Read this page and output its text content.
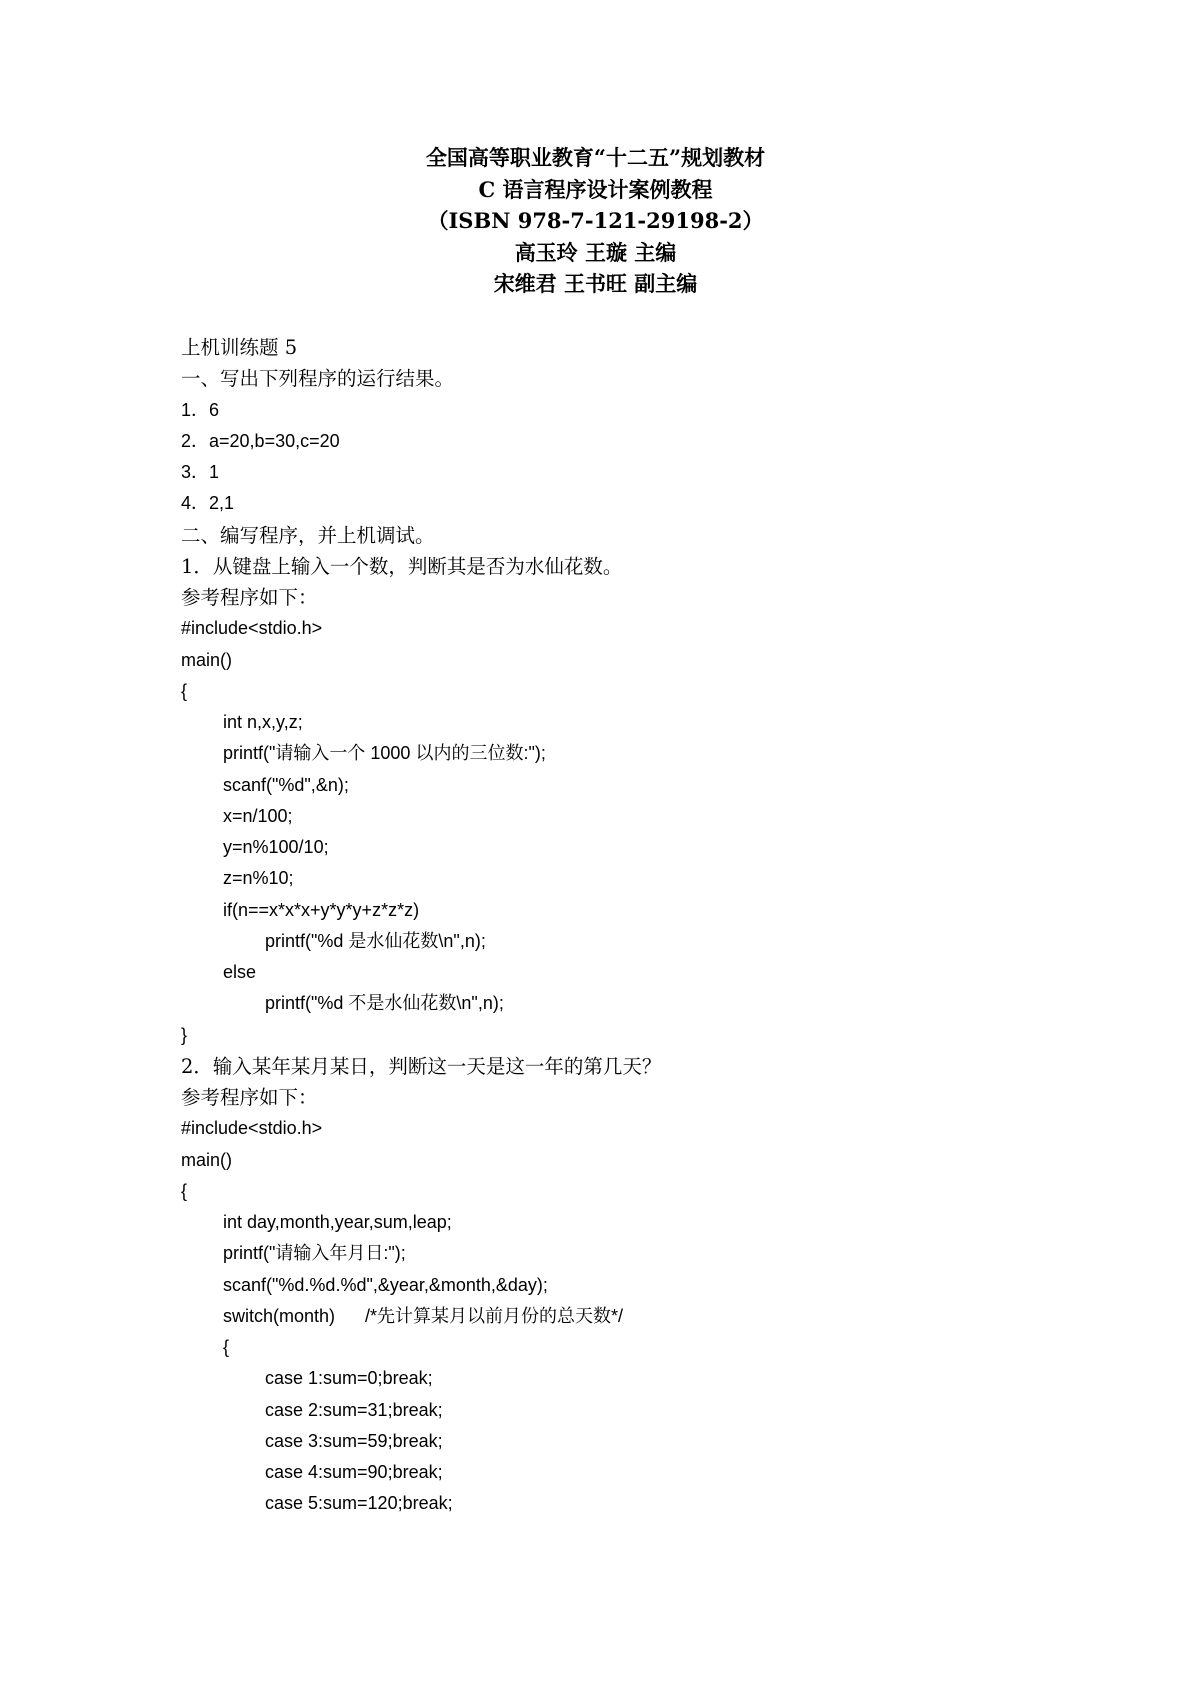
全国高等职业教育“十二五”规划教材
C 语言程序设计案例教程
（ISBN 978-7-121-29198-2）
高玉玲 王璇 主编
宋维君 王书旺 副主编
上机训练题 5
一、写出下列程序的运行结果。
1．6
2．a=20,b=30,c=20
3．1
4．2,1
二、编写程序，并上机调试。
1．从键盘上输入一个数，判断其是否为水仙花数。
参考程序如下：
#include<stdio.h>
main()
{
int n,x,y,z;
printf("请输入一个 1000 以内的三位数:");
scanf("%d",&n);
x=n/100;
y=n%100/10;
z=n%10;
if(n==x*x*x+y*y*y+z*z*z)
printf("%d 是水仙花数\n",n);
else
printf("%d 不是水仙花数\n",n);
}
2．输入某年某月某日，判断这一天是这一年的第几天？
参考程序如下：
#include<stdio.h>
main()
{
int day,month,year,sum,leap;
printf("请输入年月日:");
scanf("%d.%d.%d",&year,&month,&day);
switch(month) /*先计算某月以前月份的总天数*/
{
case 1:sum=0;break;
case 2:sum=31;break;
case 3:sum=59;break;
case 4:sum=90;break;
case 5:sum=120;break;
